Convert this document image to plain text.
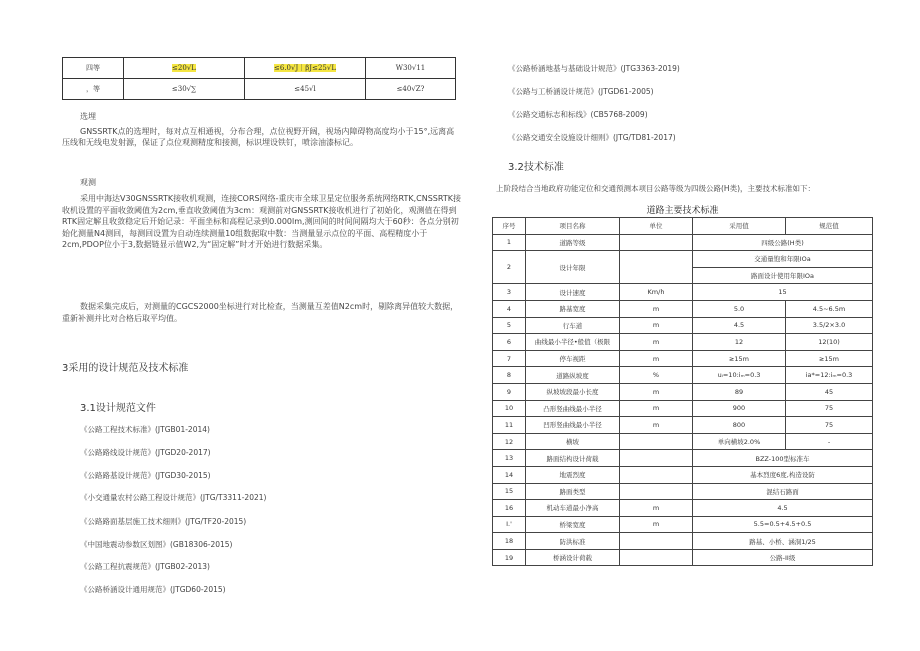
四等	≤20√L	≤6.0√J｜βJ≤25√L	W30√11
，等	≤30√∑	≤45√l	≤40√Z?
选埋
GNSSRTK点的选埋时，每对点互相通视，分布合理，点位视野开阔，视场内障碍物高度均小于15°,远离高压线和无线电发射源，保证了点位观测精度和接测，标识埋设铁钉，喷涂油漆标记。
观测
采用中海达V30GNSSRTK接收机观测，连接CORS网络-重庆市全球卫星定位服务系统网络RTK,CNSSRTK接收机设置的平面收敛阈值为2cm,垂直收敛阈值为3cm：观测前对GNSSRTK接收机进行了初始化，观测值在得到RTK固定解且收敛稳定后开始记录：平面坐标和高程记录到0.000lm,测回间的时间间隔均大于60秒：各点分别初始化测量N4测回，每测回设置为自动连续测量10组数据取中数：当测量显示点位的平面、高程精度小于2cm,PDOP位小于3,数据链显示值W2,为“固定解”时才开始进行数据采集。
数据采集完成后，对测量的CGCS2000坐标进行对比检查，当测量互差值N2cm时，剔除离异值较大数据，重新补测并比对合格后取平均值。
3采用的设计规范及技术标准
3.1设计规范文件
《公路工程技术标准》(JTGB01-2014)
《公路路线设计规范》(JTGD20-2017)
《公路路基设计规范》(JTGD30-2015)
《小交通量农村公路工程设计规范》(JTG/T3311-2021)
《公路路面基层施工技术细则》(JTG/TF20-2015)
《中国地震动参数区划图》(GB18306-2015)
《公路工程抗震规范》(JTGB02-2013)
《公路桥涵设计通用规范》(JTGD60-2015)
《公路桥涵地基与基础设计规范》(JTG3363-2019)
《公路与工桥涵设计规范》(JTGD61-2005)
《公路交通标志和标线》(CB5768-2009)
《公路交通安全设施设计细则》(JTG/TD81-2017)
3.2技术标准
上阶段结合当地政府功能定位和交通预测本项目公路等级为四级公路(H类)，主要技术标准如下：
道路主要技术标准
序号	项目名称	单位	采用值	规范值
1	道路等级		四级公路(H类)	
2	设计年限		交通量饱和年限IOa	
			路面设计使用年限IOa	
3	设计速度	Km/h	15	
4	路基宽度	m	5.0	4.5~6.5m
5	行车道	m	4.5	3.5/2×3.0
6	曲线最小半径•般值（极限	m	12	12(10)
7	停车视距	m	≥15m	≥15m
8	道路纵坡度	%	uᵢ=10:iₘ=0.3	ia*=12:iₘ=0.3
9	纵坡坡段最小长度	m	89	45
10	凸形竖曲线最小半径	m	900	75
11	凹形竖曲线最小半径	m	800	75
12	横坡		单向横坡2.0%	-
13	路面结构设计荷载		BZZ-100型标准车	
14	地震烈度		基本烈度6度,构造设防	
15	路面类型		混结石路面	
16	机动车道最小净高	m	4.5	
I.'	桥梁宽度	m	5.5=0.5+4.5+0.5	
18	防洪标准		路基、小桥、涵洞1/25	
19	桥涵设计荷载		公路-II级	
